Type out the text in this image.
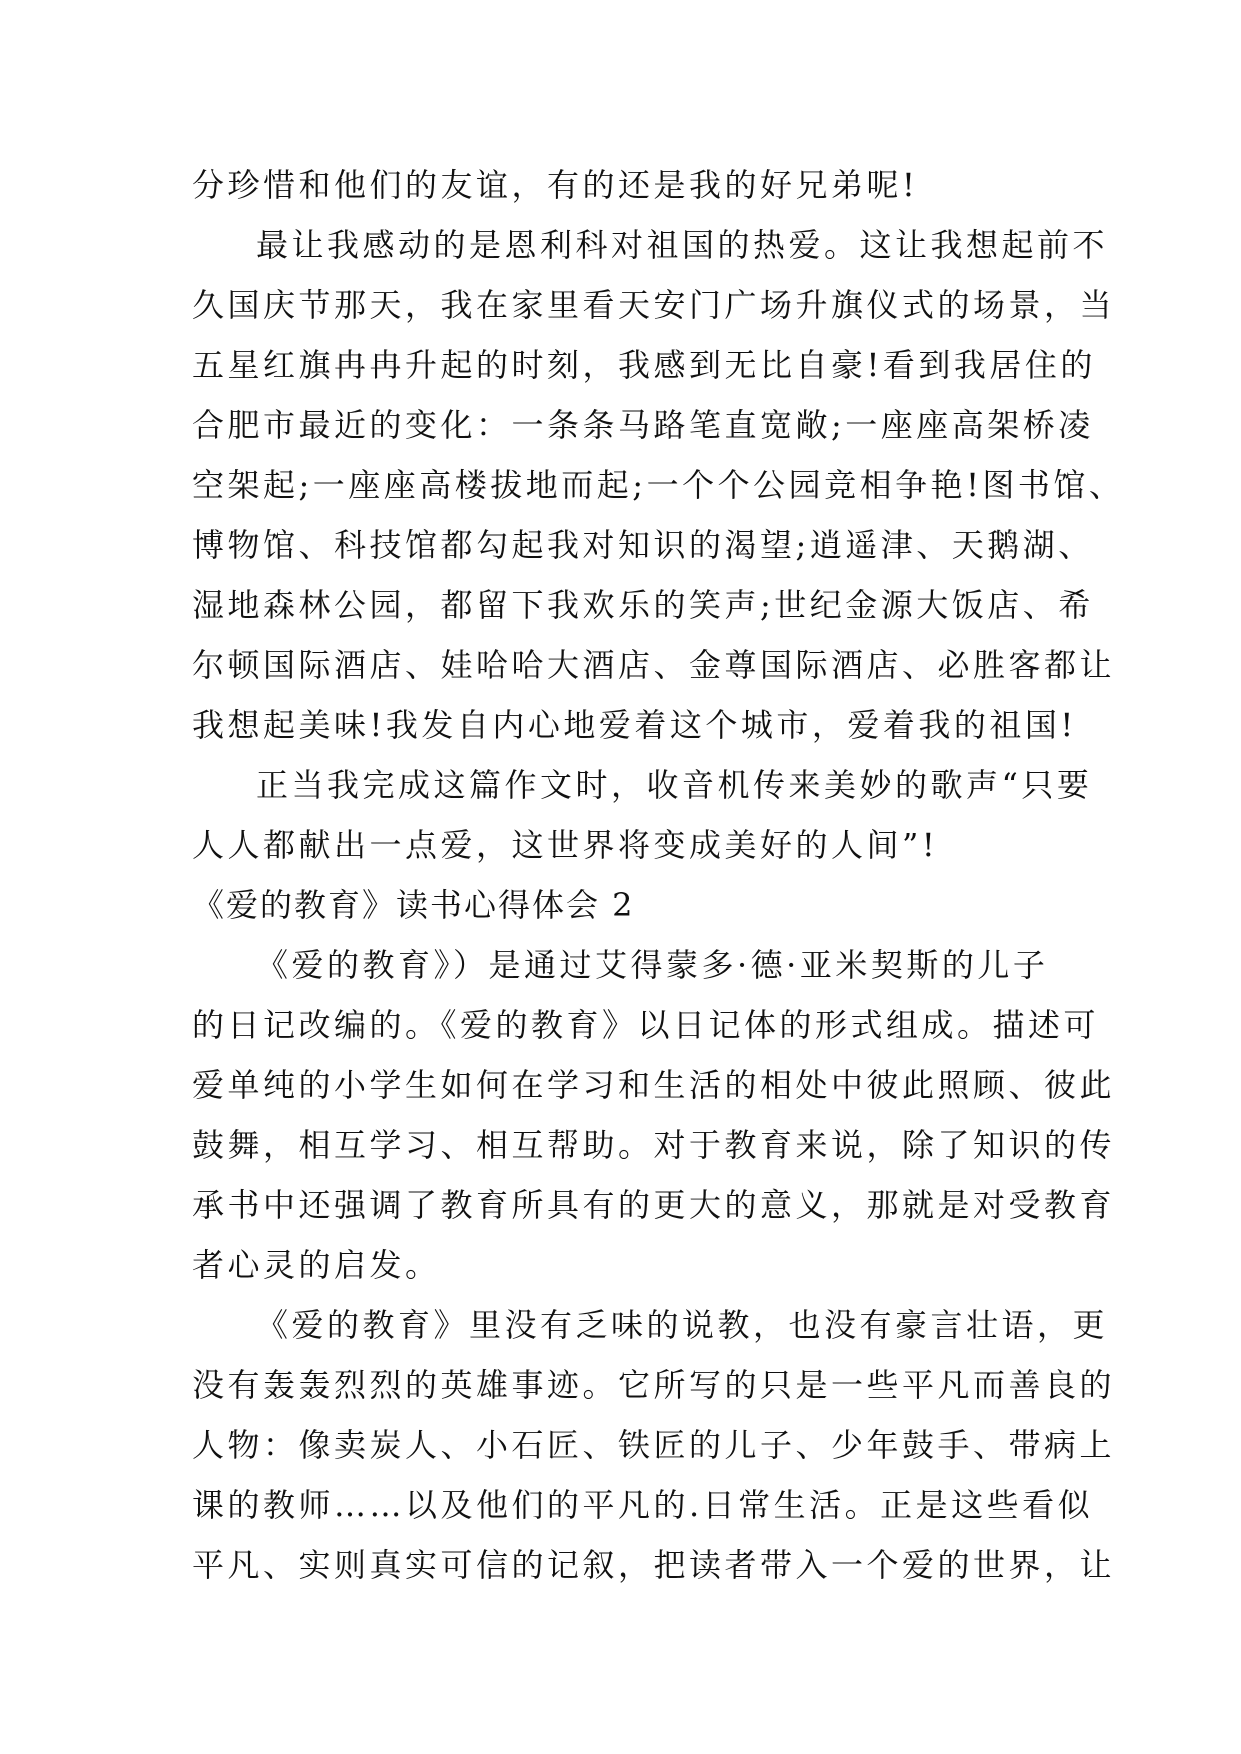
分珍惜和他们的友谊，有的还是我的好兄弟呢!
最让我感动的是恩利科对祖国的热爱。这让我想起前不
久国庆节那天，我在家里看天安门广场升旗仪式的场景，当
五星红旗冉冉升起的时刻，我感到无比自豪!看到我居住的
合肥市最近的变化：一条条马路笔直宽敞;一座座高架桥凌
空架起;一座座高楼拔地而起;一个个公园竞相争艳!图书馆、
博物馆、科技馆都勾起我对知识的渴望;逍遥津、天鹅湖、
湿地森林公园，都留下我欢乐的笑声;世纪金源大饭店、希
尔顿国际酒店、娃哈哈大酒店、金尊国际酒店、必胜客都让
我想起美味!我发自内心地爱着这个城市，爱着我的祖国!
正当我完成这篇作文时，收音机传来美妙的歌声“只要
人人都献出一点爱，这世界将变成美好的人间”!
《爱的教育》读书心得体会 2
《爱的教育》）是通过艾得蒙多·德·亚米契斯的儿子
的日记改编的。《爱的教育》以日记体的形式组成。描述可
爱单纯的小学生如何在学习和生活的相处中彼此照顾、彼此
鼓舞，相互学习、相互帮助。对于教育来说，除了知识的传
承书中还强调了教育所具有的更大的意义，那就是对受教育
者心灵的启发。
《爱的教育》里没有乏味的说教，也没有豪言壮语，更
没有轰轰烈烈的英雄事迹。它所写的只是一些平凡而善良的
人物：像卖炭人、小石匠、铁匠的儿子、少年鼓手、带病上
课的教师……以及他们的平凡的.日常生活。正是这些看似
平凡、实则真实可信的记叙，把读者带入一个爱的世界，让
